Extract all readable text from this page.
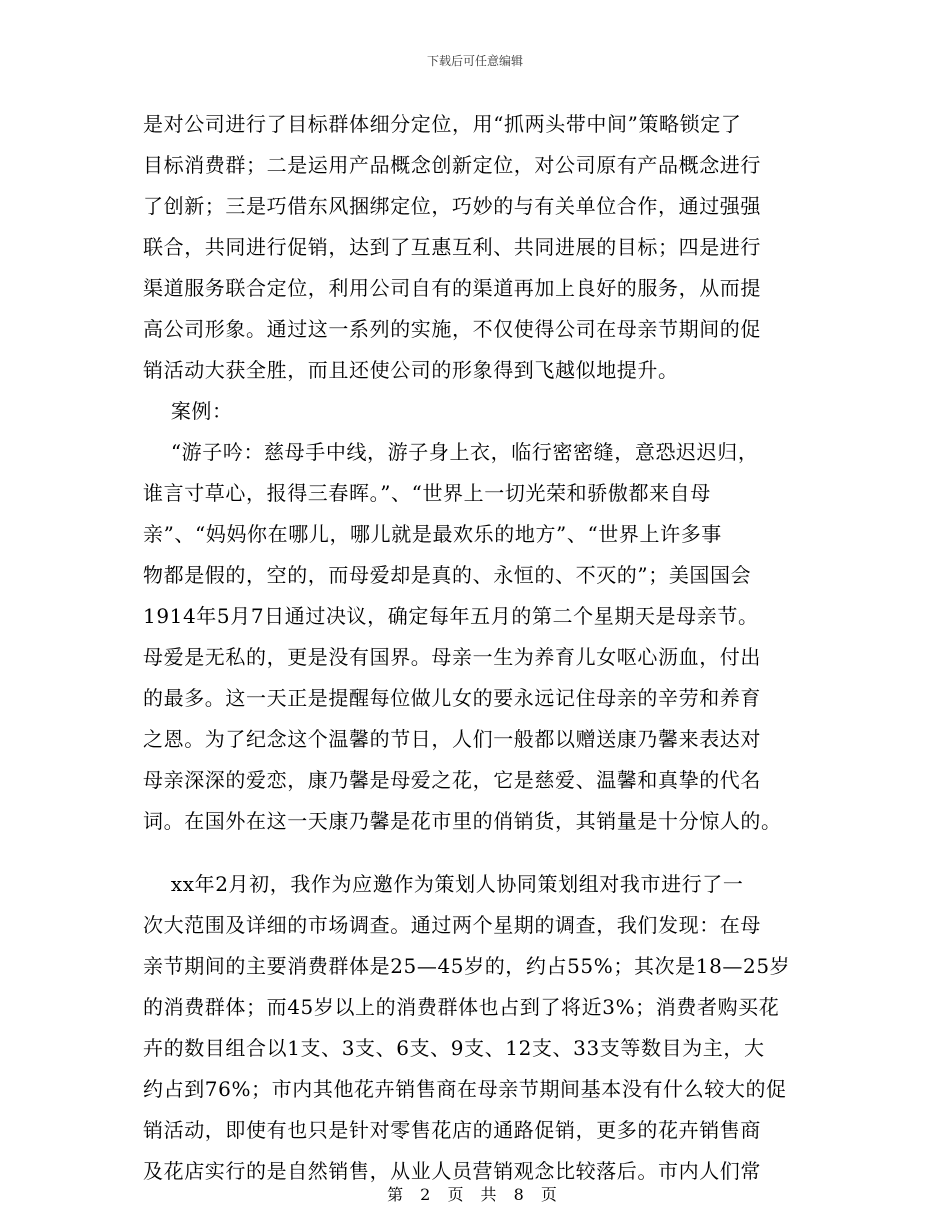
下载后可任意编辑
是对公司进行了目标群体细分定位，用“抓两头带中间”策略锁定了
目标消费群；二是运用产品概念创新定位，对公司原有产品概念进行
了创新；三是巧借东风捆绑定位，巧妙的与有关单位合作，通过强强
联合，共同进行促销，达到了互惠互利、共同进展的目标；四是进行
渠道服务联合定位，利用公司自有的渠道再加上良好的服务，从而提
高公司形象。通过这一系列的实施，不仅使得公司在母亲节期间的促
销活动大获全胜，而且还使公司的形象得到飞越似地提升。
案例：
“游子吟：慈母手中线，游子身上衣，临行密密缝，意恐迟迟归，
谁言寸草心，报得三春晖。”、“世界上一切光荣和骄傲都来自母
亲”、“妈妈你在哪儿，哪儿就是最欢乐的地方”、“世界上许多事
物都是假的，空的，而母爱却是真的、永恒的、不灭的”；美国国会
1914年5月7日通过决议，确定每年五月的第二个星期天是母亲节。
母爱是无私的，更是没有国界。母亲一生为养育儿女呕心沥血，付出
的最多。这一天正是提醒每位做儿女的要永远记住母亲的辛劳和养育
之恩。为了纪念这个温馨的节日，人们一般都以赠送康乃馨来表达对
母亲深深的爱恋，康乃馨是母爱之花，它是慈爱、温馨和真挚的代名
词。在国外在这一天康乃馨是花市里的俏销货，其销量是十分惊人的。
xx年2月初，我作为应邀作为策划人协同策划组对我市进行了一
次大范围及详细的市场调查。通过两个星期的调查，我们发现：在母
亲节期间的主要消费群体是25—45岁的，约占55%；其次是18—25岁
的消费群体；而45岁以上的消费群体也占到了将近3%；消费者购买花
卉的数目组合以1支、3支、6支、9支、12支、33支等数目为主，大
约占到76%；市内其他花卉销售商在母亲节期间基本没有什么较大的促
销活动，即使有也只是针对零售花店的通路促销，更多的花卉销售商
及花店实行的是自然销售，从业人员营销观念比较落后。市内人们常
第 2 页 共 8 页
